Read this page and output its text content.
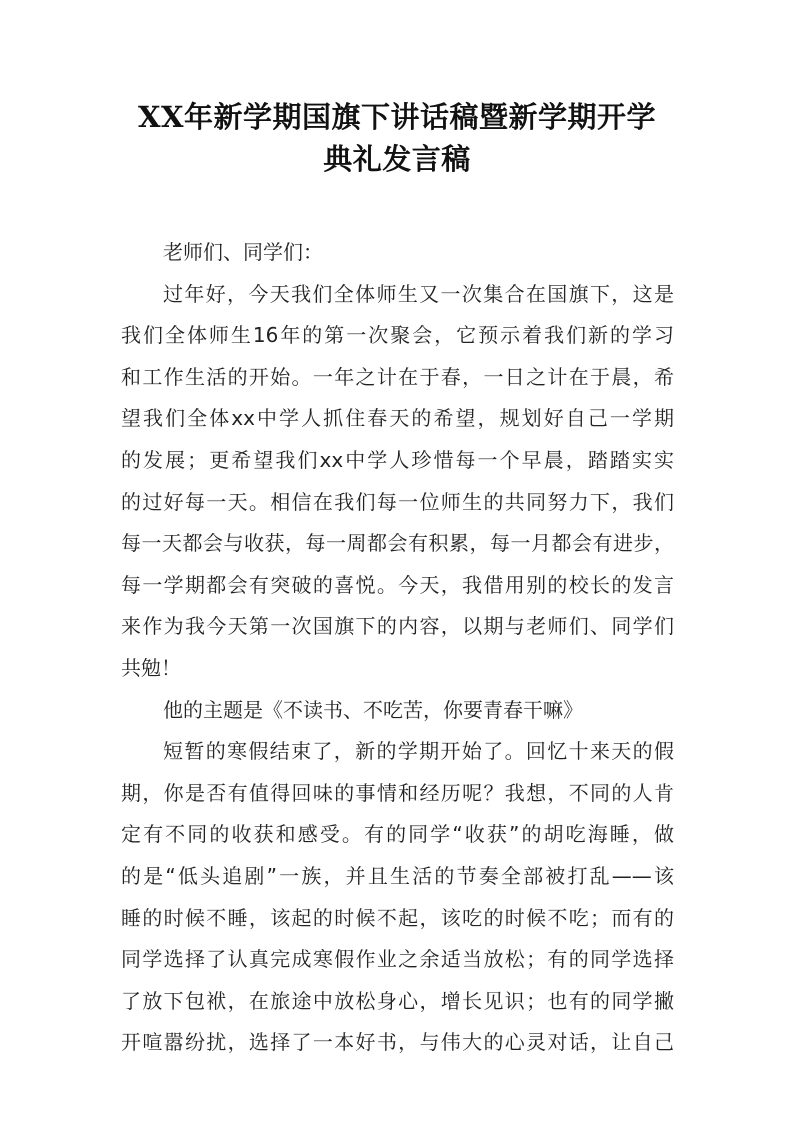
XX年新学期国旗下讲话稿暨新学期开学
典礼发言稿
老师们、同学们：
过年好，今天我们全体师生又一次集合在国旗下，这是
我们全体师生16年的第一次聚会，它预示着我们新的学习
和工作生活的开始。一年之计在于春，一日之计在于晨，希
望我们全体xx中学人抓住春天的希望，规划好自己一学期
的发展；更希望我们xx中学人珍惜每一个早晨，踏踏实实
的过好每一天。相信在我们每一位师生的共同努力下，我们
每一天都会与收获，每一周都会有积累，每一月都会有进步，
每一学期都会有突破的喜悦。今天，我借用别的校长的发言
来作为我今天第一次国旗下的内容，以期与老师们、同学们
共勉！
他的主题是《不读书、不吃苦，你要青春干嘛》
短暂的寒假结束了，新的学期开始了。回忆十来天的假
期，你是否有值得回味的事情和经历呢？我想，不同的人肯
定有不同的收获和感受。有的同学“收获”的胡吃海睡，做
的是“低头追剧”一族，并且生活的节奏全部被打乱——该
睡的时候不睡，该起的时候不起，该吃的时候不吃；而有的
同学选择了认真完成寒假作业之余适当放松；有的同学选择
了放下包袱，在旅途中放松身心，增长见识；也有的同学撇
开喧嚣纷扰，选择了一本好书，与伟大的心灵对话，让自己
